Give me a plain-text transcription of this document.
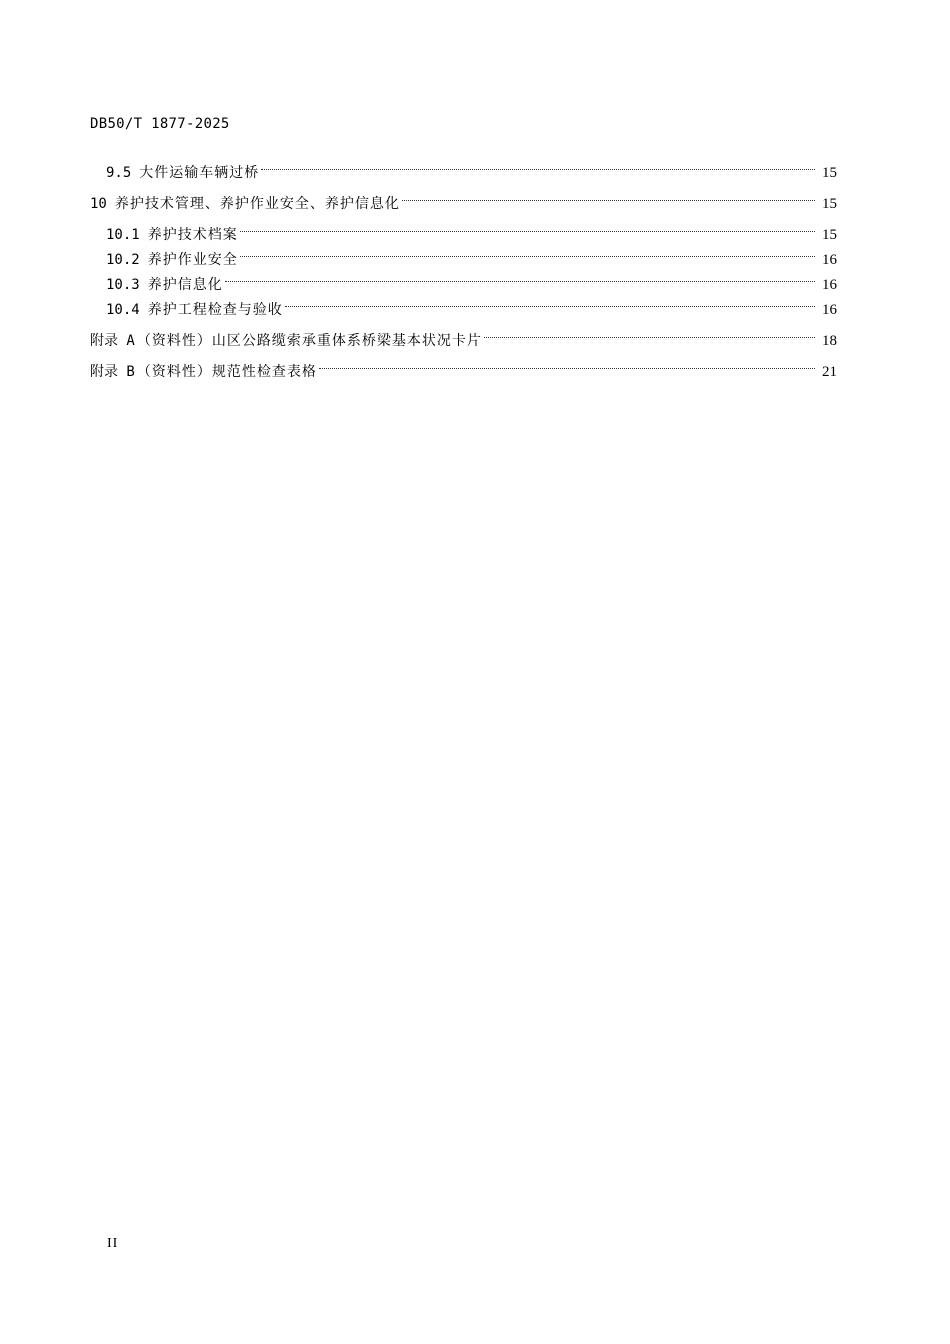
DB50/T 1877-2025
9.5 大件运输车辆过桥	15
10 养护技术管理、养护作业安全、养护信息化	15
10.1 养护技术档案	15
10.2 养护作业安全	16
10.3 养护信息化	16
10.4 养护工程检查与验收	16
附录 A （资料性）山区公路缆索承重体系桥梁基本状况卡片	18
附录 B （资料性）规范性检查表格	21
II
